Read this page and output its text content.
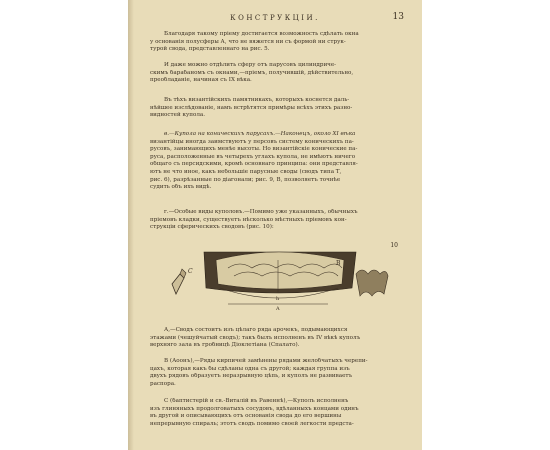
КОНСТРУКЦIИ.	13
Благодаря такому прiему достигается возможность сдѣлать окна
у основанiя полусферы А, что не вяжется ни съ формой ни струк-
турой свода, представленнаго на рис. 5.
И даже можно отдѣлить сферу отъ парусовъ цилиндриче-
скимъ барабаномъ съ окнами,—прiемъ, получившiй, дѣйствительно,
преобладанiе, начиная съ IX вѣка.
Въ тѣхъ византiйскихъ памятникахъ, которыхъ коснется даль-
нѣйшее изслѣдованiе, намъ встрѣтятся примѣры всѣхъ этихъ разно-
видностей купола.
в.—Купола на коническихъ парусахъ.—Наконецъ, около XI вѣка
византiйцы иногда заимствуютъ у персовъ систему коническихъ па-
русовъ, занимающихъ менѣе высоты. Но византiйскiе конические па-
руса, расположенные въ четырехъ углахъ купола, не имѣютъ ничего
общаго съ персидскими, кромѣ основнаго принципа: они представля-
ютъ не что иное, какъ небольшiе парусные своды (сводъ типа Т,
рис. 6), разрѣзанные по дiагонали; рис. 9, В, позволяетъ точнѣе
судить объ ихъ видѣ.
г.—Особые виды куполовъ.—Помимо уже указанныхъ, обычныхъ
прiемовъ кладки, существуетъ нѣсколько мѣстныхъ прiемовъ кон-
струкцiи сферическихъ сводовъ (рис. 10):
10
C
B
h
A
А,—Сводъ состоитъ изъ цѣлаго ряда арочекъ, подымающихся
этажами (чешуйчатый сводъ); такъ былъ исполненъ въ IV вѣкѣ куполъ
верхняго зала въ гробницѣ Дiоклетiана (Спалато).
В (Аоонъ),—Ряды кирпичей замѣнены рядами желобчатыхъ черепи-
цахъ, которая какъ бы сдѣланы одна съ другой; каждая группа изъ
двухъ рядовъ образуетъ неразрывную цѣпь, и куполъ не развиваетъ
распора.
С (баптистерiй и св.-Виталiй въ Равеннѣ),—Куполъ исполненъ
изъ глиняныхъ продолговатыхъ сосудовъ, вдѣланныхъ концами одинъ
въ другой и описывающихъ отъ основанiя свода до его вершины
непрерывную спираль; этотъ сводъ помимо своей легкости предста-
